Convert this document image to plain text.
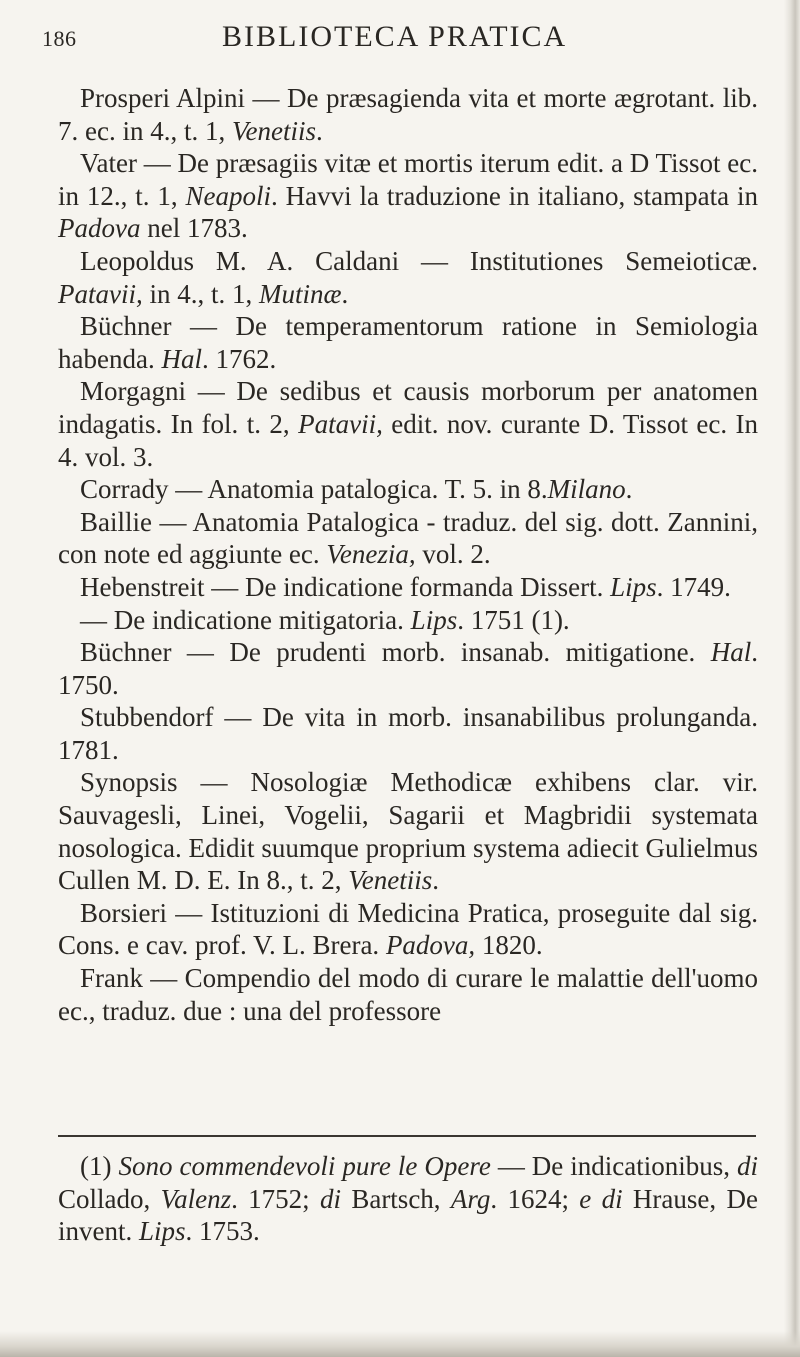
186	BIBLIOTECA PRATICA

Prosperi Alpini — De præsagienda vita et morte ægrotant. lib. 7. ec. in 4., t. 1, Venetiis.

Vater — De præsagiis vitæ et mortis iterum edit. a D Tissot ec. in 12., t. 1, Neapoli. Havvi la traduzione in italiano, stampata in Padova nel 1783.

Leopoldus M. A. Caldani — Institutiones Semeioticæ. Patavii, in 4., t. 1, Mutinæ.

Büchner — De temperamentorum ratione in Semiologia habenda. Hal. 1762.

Morgagni — De sedibus et causis morborum per anatomen indagatis. In fol. t. 2, Patavii, edit. nov. curante D. Tissot ec. In 4. vol. 3.

Corrady — Anatomia patalogica. T. 5. in 8.Milano.

Baillie — Anatomia Patalogica - traduz. del sig. dott. Zannini, con note ed aggiunte ec. Venezia, vol. 2.

Hebenstreit — De indicatione formanda Dissert. Lips. 1749.

— De indicatione mitigatoria. Lips. 1751 (1).

Büchner — De prudenti morb. insanab. mitigatione. Hal. 1750.

Stubbendorf — De vita in morb. insanabilibus prolunganda. 1781.

Synopsis — Nosologiæ Methodicæ exhibens clar. vir. Sauvagesli, Linei, Vogelii, Sagarii et Magbridii systemata nosologica. Edidit suumque proprium systema adiecit Gulielmus Cullen M. D. E. In 8., t. 2, Venetiis.

Borsieri — Istituzioni di Medicina Pratica, proseguite dal sig. Cons. e cav. prof. V. L. Brera. Padova, 1820.

Frank — Compendio del modo di curare le malattie dell'uomo ec., traduz. due : una del professore

(1) Sono commendevoli pure le Opere — De indicationibus, di Collado, Valenz. 1752; di Bartsch, Arg. 1624; e di Hrause, De invent. Lips. 1753.
